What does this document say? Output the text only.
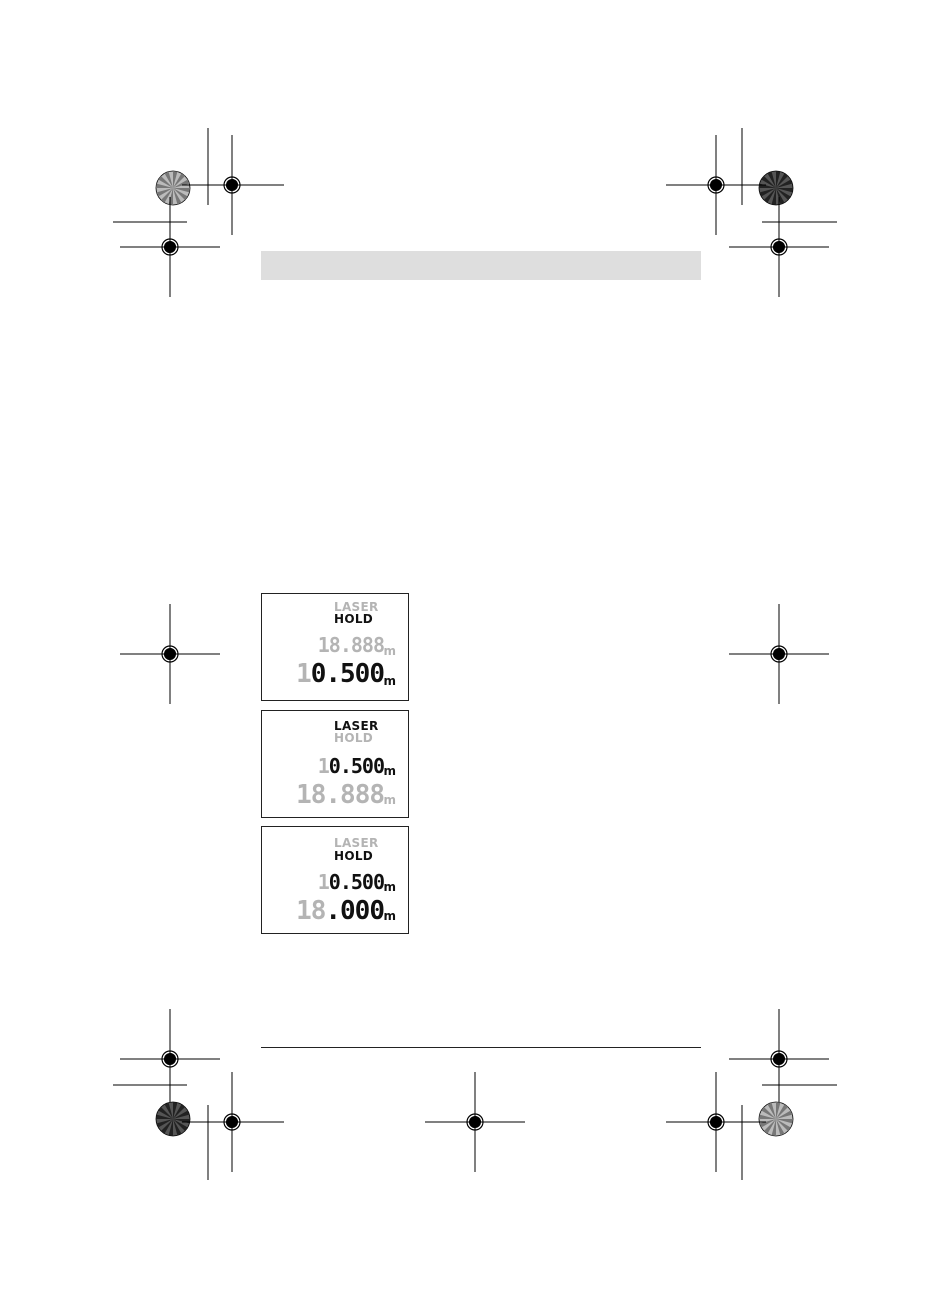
LASER
HOLD
18.888 m
10.500 m
LASER
HOLD
10.500 m
18.888 m
LASER
HOLD
10.500 m
18.000 m
